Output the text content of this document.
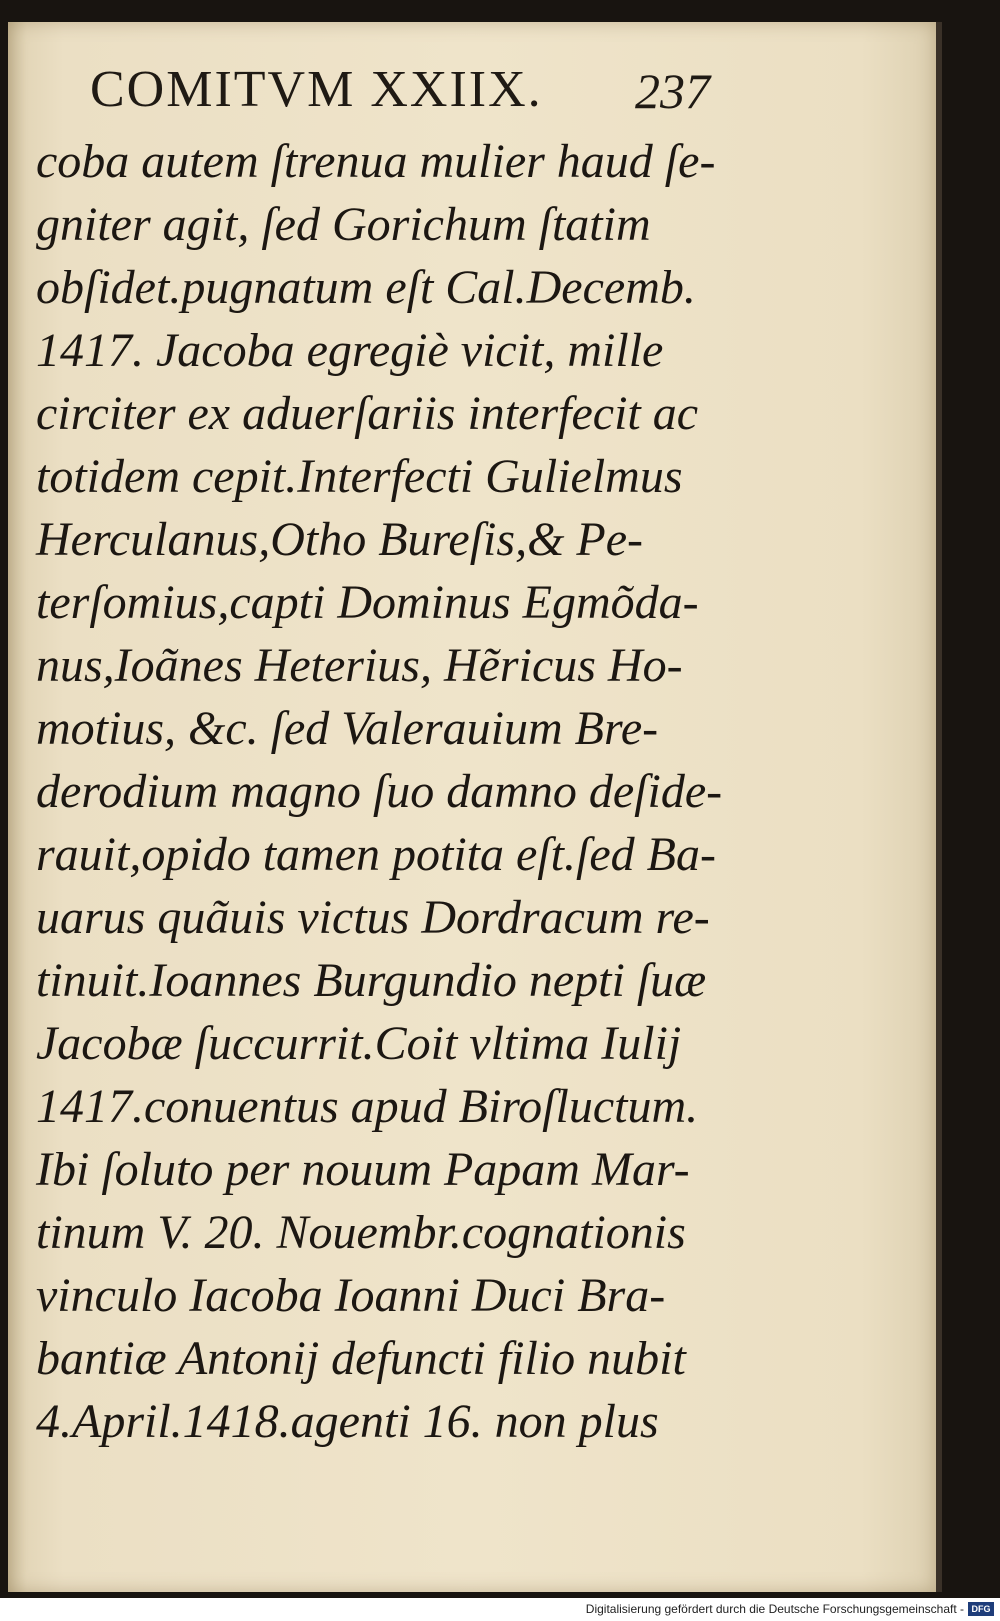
COMITVM XXIIX. 237
coba autem ſtrenua mulier haud ſe-
gniter agit, ſed Gorichum ſtatim
obſidet.pugnatum eſt Cal.Decemb.
1417. Jacoba egregiè vicit, mille
circiter ex aduerſariis interfecit ac
totidem cepit.Interfecti Gulielmus
Herculanus,Otho Bureſis,& Pe-
terſomius,capti Dominus Egmõda-
nus,Ioãnes Heterius, Hẽricus Ho-
motius, &c. ſed Valerauium Bre-
derodium magno ſuo damno deſide-
rauit,opido tamen potita eſt.ſed Ba-
uarus quãuis victus Dordracum re-
tinuit.Ioannes Burgundio nepti ſuæ
Jacobæ ſuccurrit.Coit vltima Iulij
1417.conuentus apud Biroſluctum.
Ibi ſoluto per nouum Papam Mar-
tinum V. 20. Nouembr.cognationis
vinculo Iacoba Ioanni Duci Bra-
bantiæ Antonij defuncti filio nubit
4.April.1418.agenti 16. non plus
Digitalisierung gefördert durch die Deutsche Forschungsgemeinschaft - DFG
